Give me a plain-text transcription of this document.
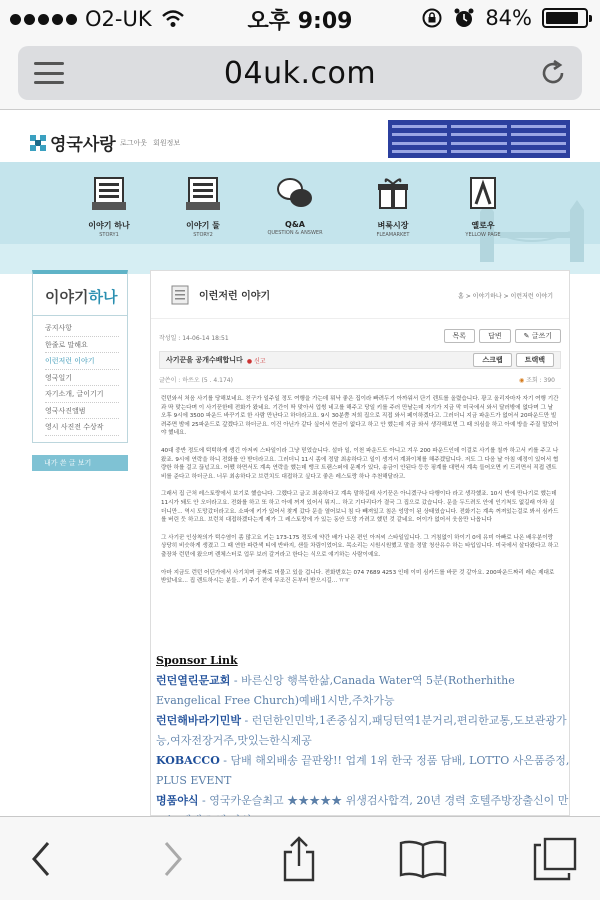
O2-UK	오후 9:09	84%
04uk.com
영국사랑 로그아웃 회원정보
이야기 하나
STORY1
이야기 둘
STORY2
Q&A
QUESTION & ANSWER
벼룩시장
FLEAMARKET
옐로우
YELLOW PAGE
이야기하나
공지사항
한줄로 말해요
이런저런 이야기
영국일기
자기소개, 글이기기
영국사진앨범
영시 사진전 수상작
내가 쓴 글 보기
이런저런 이야기	홈 > 이야기하나 > 이런저런 이야기
작성일 : 14-06-14 18:51	목록	답변	✎ 글쓰기
사기꾼을 공개수배합니다 ● 신고	스크랩	트랙백
글쓴이 : 하쓰오 (5 . 4.174)	◉ 조회 : 390

런던와서 처음 사기를 당해보네요. 친구가 일주일 정도 여행을 가는데 뭐낙 좋은 집이라 빠려두기 아까워서 단기 렌트를 올렸습니다. 광고 올리자마자 자기 여행 기간과 딱 맞는다며 이 사기꾼한테 전화가 왔네요. 기간이 딱 맞아서 업썽 네고를 해주고 당일 키를 주러 만날는데 자기가 지금 막 미국에서 와서 달러밖에 없다며 그 날 오후 9시에 3500 파운드 바꾸기로 한 사람 만난다고 하더라고요. 9시 30분쯤 저희 집으로 직접 와서 페이하겠다고. 그러더니 지금 파운드가 없어서 20파운드만 빌려주면 밤에 25파운드로 갚겠다고 하더군요. 이건 아닌가 같다 싶어서 현금이 없다고 하고 안 했는데 지금 와서 생각해보면 그 때 의심을 하고 아예 방을 주질 말았어야 했네요.

40대 중반 정도에 턱턱하게 생긴 아저씨 스타일이라 그냥 믿었습니다. 설마 일, 이천 파운드도 아니고 겨우 200 파운드인데 이걸로 사기를 칠까 하고서 키를 주고 나왔죠. 9시에 연락을 하니 전화를 안 받더라고요. 그러더니 11시 좀에 정말 최송하다고 일이 생겨서 계좌이체를 해주겠답니다. 저도 그 다음 날 아침 예정이 있어서 협량한 하를 걸고 끊넋고요. 어쨌 하면서도 계속 연락을 했는데 뱅크 트랜스퍼에 문제가 있다, 송금이 안된다 등등 핑계를 대면서 계속 들어오면 키 드리면서 직접 렌트비를 준다고 하더군요. 너무 최송하다고 브런치도 대접하고 싶다고 좋은 레스토랑 하나 추천해달라고.

그래서 집 근처 레스토랑에서 보기로 했습니다. 그랬다고 글고 최송하다고 계속 말하길래 사기꾼은 아니겠구나 다행이다 라고 생각했죠. 10시 반에 만나기로 했는데 11시가 돼도 안 오더라고요. 전화를 하고 또 하고 아예 꺼져 있어서 뭐지... 하고 기다리다가 결국 그 집으로 갔습니다. 문을 두드려도 안에 인기척도 없길래 아차 싶더니만... 역시 도망갔더라고요. 소파에 키가 있어서 찾게 갔다 문을 열어보니 침 다 빼져있고 침은 엉망이 된 상태였습니다. 전화기는 계속 꺼져있는걸로 봐서 심카드를 버린 듯 하고요. 브런치 대접하겠다는게 제가 그 레스토랑에 가 있는 동안 도망 가려고 했던 것 같네요. 어이가 없어서 웃음만 나옵니다

그 사기꾼 인상착의가 턱수염이 좀 많고요 키는 173-175 정도에 약간 배가 나온 편인 아저씨 스타일입니다. 그 거침없이 하이기 0에 유미 아빠로 나온 배우분이랑 상당히 비슷하게 생겼고 그 때 연한 파란색 티에 반바지, 샌들 차림이었어요. 목소리는 시원시원했고 말을 정말 청산유수 하는 타입입니다. 미국에서 살다왔다고 하고 출장차 런던에 왔으며 렌체스터로 업무 보러 갈거라고 한다는 식으로 얘기하는 사람이예요.

아마 지금도 런던 어딘가에서 사기치며 공짜로 머물고 있을 겁니다. 전화번호는 074 7689 4253 인데 이미 심카드를 바꾼 것 같아요. 200파운드짜리 레슨 제대로 받았네요... 집 렌트하시는 분들.. 키 주기 전에 무조건 돈부터 받으시길... ㅠㅠ

Sponsor Link
런던열린문교회 - 바른신앙 행복한삶,Canada Water역 5분(Rotherhithe Evangelical Free Church)예배1시반,주차가능
런던해바라기민박 - 런던한인민박,1존중심지,패딩턴역1분거리,편리한교통,도보관광가능,여자전장거주,맛있는한식제공
KOBACCO - 담배 해외배송 끝판왕!! 업계 1위 한국 정품 담배, LOTTO 사은품증정, PLUS EVENT
명품야식 - 영국카운슬최고 ★★★★★ 위생검사합격, 20년 경력 호텔주방장출신이 만
